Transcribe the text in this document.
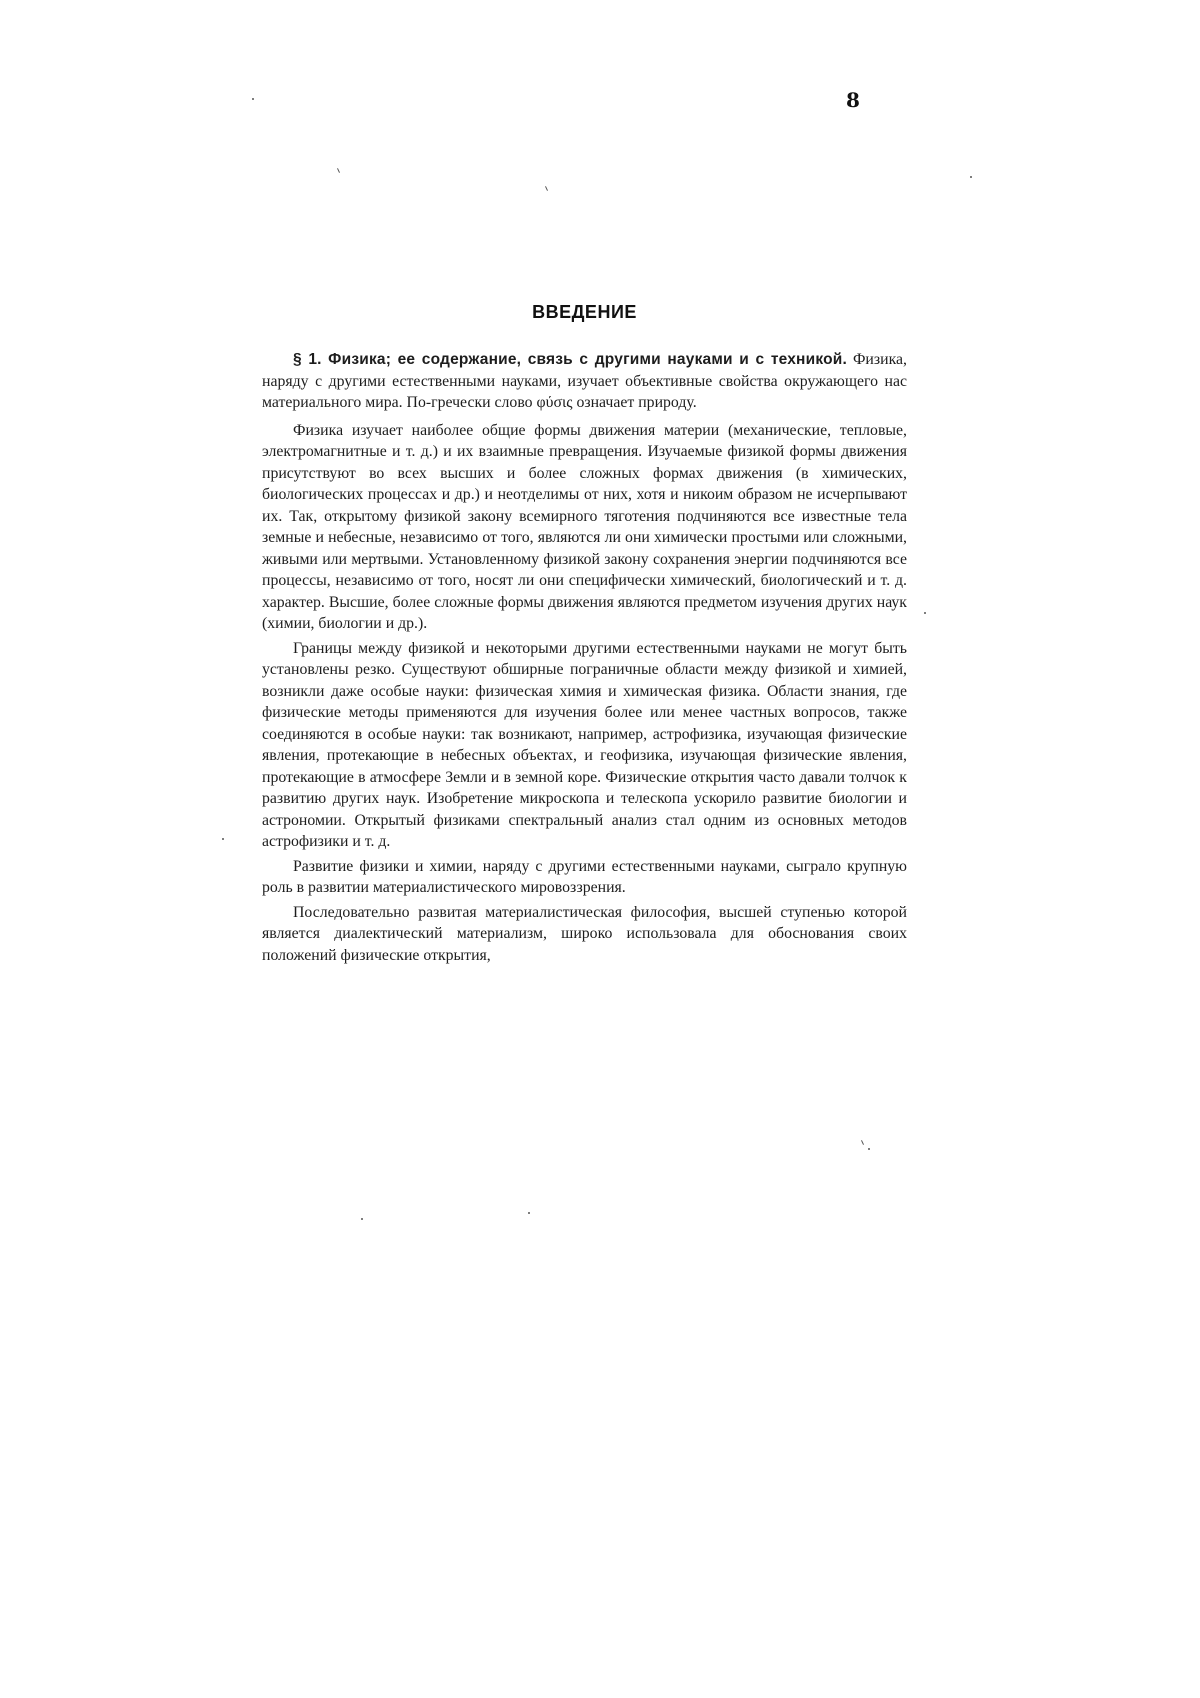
8
ВВЕДЕНИЕ

§ 1. Физика; ее содержание, связь с другими науками и с техникой. Физика, наряду с другими естественными науками, изучает объективные свойства окружающего нас материального мира. По-гречески слово φύσις означает природу.

Физика изучает наиболее общие формы движения материи (механические, тепловые, электромагнитные и т. д.) и их взаимные превращения. Изучаемые физикой формы движения присутствуют во всех высших и более сложных формах движения (в химических, биологических процессах и др.) и неотделимы от них, хотя и никоим образом не исчерпывают их. Так, открытому физикой закону всемирного тяготения подчиняются все известные тела земные и небесные, независимо от того, являются ли они химически простыми или сложными, живыми или мертвыми. Установленному физикой закону сохранения энергии подчиняются все процессы, независимо от того, носят ли они специфически химический, биологический и т. д. характер. Высшие, более сложные формы движения являются предметом изучения других наук (химии, биологии и др.).

Границы между физикой и некоторыми другими естественными науками не могут быть установлены резко. Существуют обширные пограничные области между физикой и химией, возникли даже особые науки: физическая химия и химическая физика. Области знания, где физические методы применяются для изучения более или менее частных вопросов, также соединяются в особые науки: так возникают, например, астрофизика, изучающая физические явления, протекающие в небесных объектах, и геофизика, изучающая физические явления, протекающие в атмосфере Земли и в земной коре. Физические открытия часто давали толчок к развитию других наук. Изобретение микроскопа и телескопа ускорило развитие биологии и астрономии. Открытый физиками спектральный анализ стал одним из основных методов астрофизики и т. д.

Развитие физики и химии, наряду с другими естественными науками, сыграло крупную роль в развитии материалистического мировоззрения.

Последовательно развитая материалистическая философия, высшей ступенью которой является диалектический материализм, широко использовала для обоснования своих положений физические открытия,
